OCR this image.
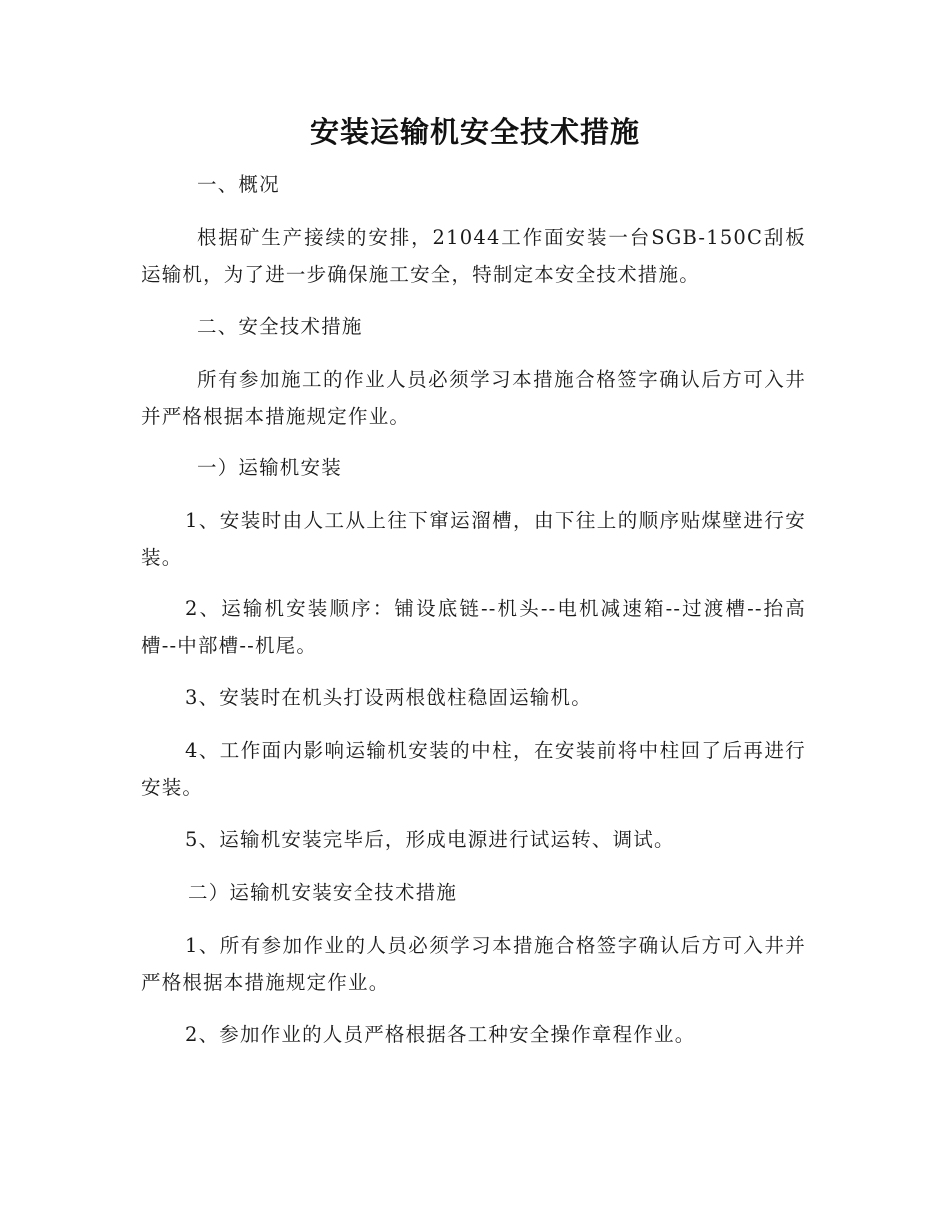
安装运输机安全技术措施
一、概况
根据矿生产接续的安排，21044工作面安装一台SGB-150C刮板运输机，为了进一步确保施工安全，特制定本安全技术措施。
二、安全技术措施
所有参加施工的作业人员必须学习本措施合格签字确认后方可入井并严格根据本措施规定作业。
一）运输机安装
1、安装时由人工从上往下窜运溜槽，由下往上的顺序贴煤壁进行安装。
2、运输机安装顺序：铺设底链--机头--电机减速箱--过渡槽--抬高槽--中部槽--机尾。
3、安装时在机头打设两根戗柱稳固运输机。
4、工作面内影响运输机安装的中柱，在安装前将中柱回了后再进行安装。
5、运输机安装完毕后，形成电源进行试运转、调试。
二）运输机安装安全技术措施
1、所有参加作业的人员必须学习本措施合格签字确认后方可入井并严格根据本措施规定作业。
2、参加作业的人员严格根据各工种安全操作章程作业。
